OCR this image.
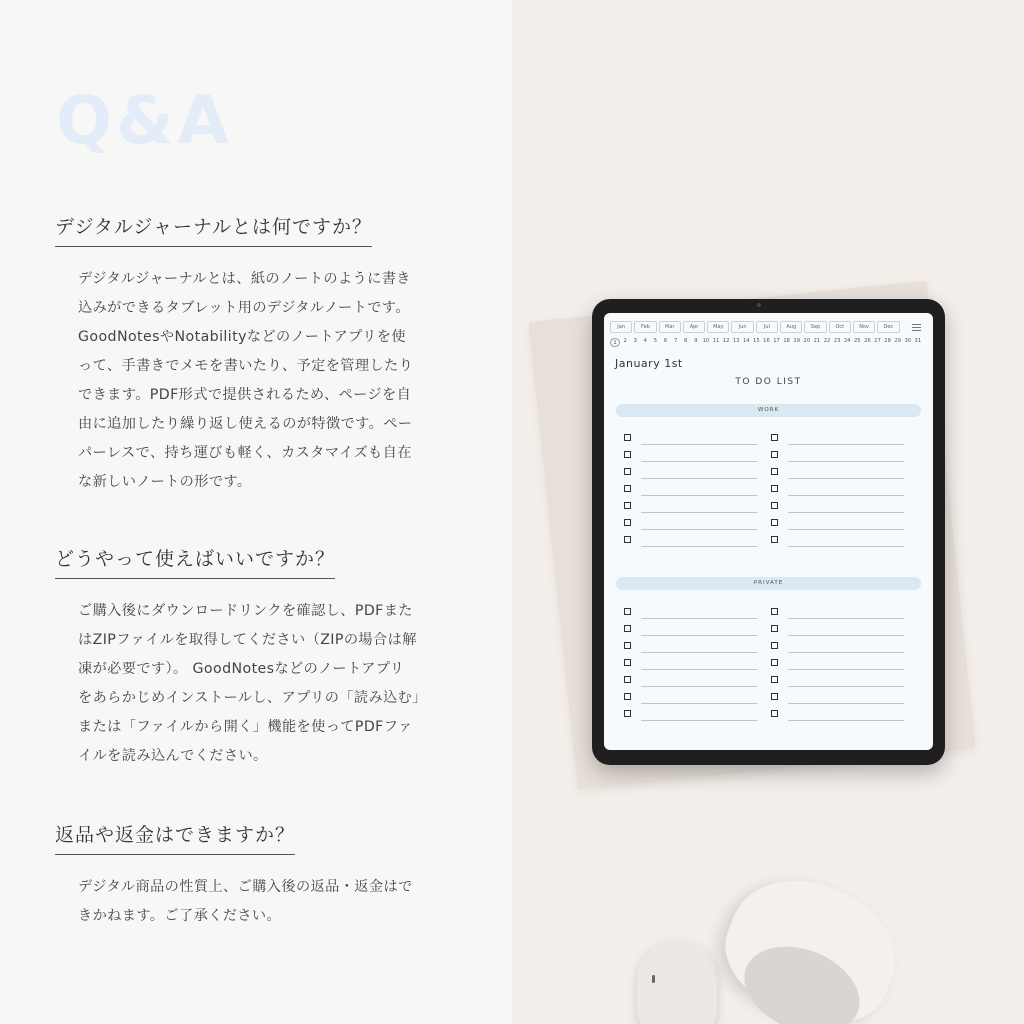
Q&A
デジタルジャーナルとは何ですか？
デジタルジャーナルとは、紙のノートのように書き
込みができるタブレット用のデジタルノートです。
GoodNotesやNotabilityなどのノートアプリを使
って、手書きでメモを書いたり、予定を管理したり
できます。PDF形式で提供されるため、ページを自
由に追加したり繰り返し使えるのが特徴です。ペー
パーレスで、持ち運びも軽く、カスタマイズも自在
な新しいノートの形です。
どうやって使えばいいですか？
ご購入後にダウンロードリンクを確認し、PDFまた
はZIPファイルを取得してください（ZIPの場合は解
凍が必要です）。 GoodNotesなどのノートアプリ
をあらかじめインストールし、アプリの「読み込む」
または「ファイルから開く」機能を使ってPDFファ
イルを読み込んでください。
返品や返金はできますか？
デジタル商品の性質上、ご購入後の返品・返金はで
きかねます。ご了承ください。
Jan	Feb	Mar	Apr	May	Jun	Jul	Aug	Sep	Oct	Nov	Dec
1	2	3	4	5	6	7	8	9 10 11 12 13 14 15 16 17 18 19 20 21 22 23 24 25 26 27 28 29 30 31
January 1st
TO DO LIST
WORK
PRIVATE
